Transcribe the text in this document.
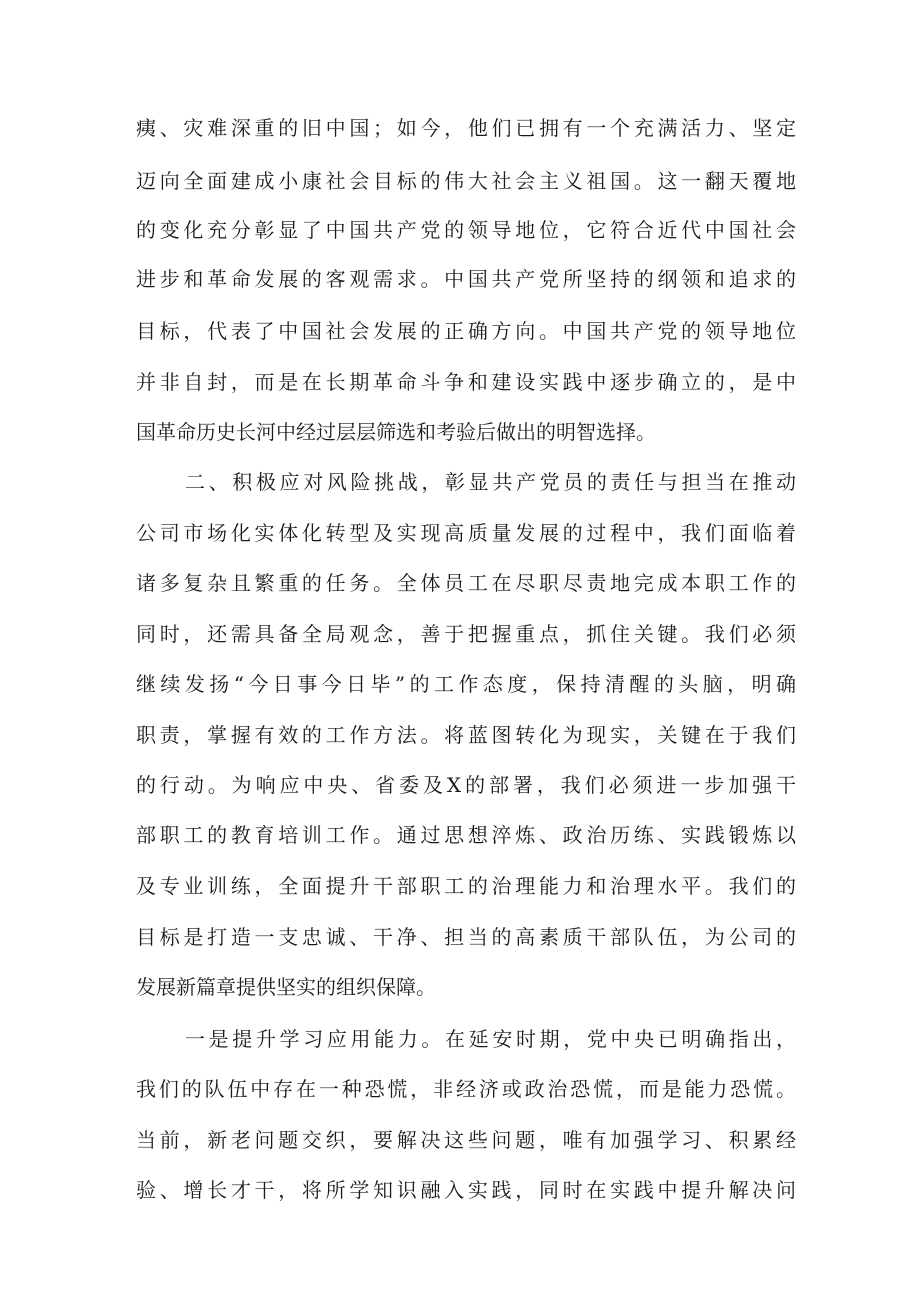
痍、灾难深重的旧中国；如今，他们已拥有一个充满活力、坚定
迈向全面建成小康社会目标的伟大社会主义祖国。这一翻天覆地
的变化充分彰显了中国共产党的领导地位，它符合近代中国社会
进步和革命发展的客观需求。中国共产党所坚持的纲领和追求的
目标，代表了中国社会发展的正确方向。中国共产党的领导地位
并非自封，而是在长期革命斗争和建设实践中逐步确立的，是中
国革命历史长河中经过层层筛选和考验后做出的明智选择。
二、积极应对风险挑战，彰显共产党员的责任与担当在推动
公司市场化实体化转型及实现高质量发展的过程中，我们面临着
诸多复杂且繁重的任务。全体员工在尽职尽责地完成本职工作的
同时，还需具备全局观念，善于把握重点，抓住关键。我们必须
继续发扬“今日事今日毕”的工作态度，保持清醒的头脑，明确
职责，掌握有效的工作方法。将蓝图转化为现实，关键在于我们
的行动。为响应中央、省委及X的部署，我们必须进一步加强干
部职工的教育培训工作。通过思想淬炼、政治历练、实践锻炼以
及专业训练，全面提升干部职工的治理能力和治理水平。我们的
目标是打造一支忠诚、干净、担当的高素质干部队伍，为公司的
发展新篇章提供坚实的组织保障。
一是提升学习应用能力。在延安时期，党中央已明确指出，
我们的队伍中存在一种恐慌，非经济或政治恐慌，而是能力恐慌。
当前，新老问题交织，要解决这些问题，唯有加强学习、积累经
验、增长才干，将所学知识融入实践，同时在实践中提升解决问
